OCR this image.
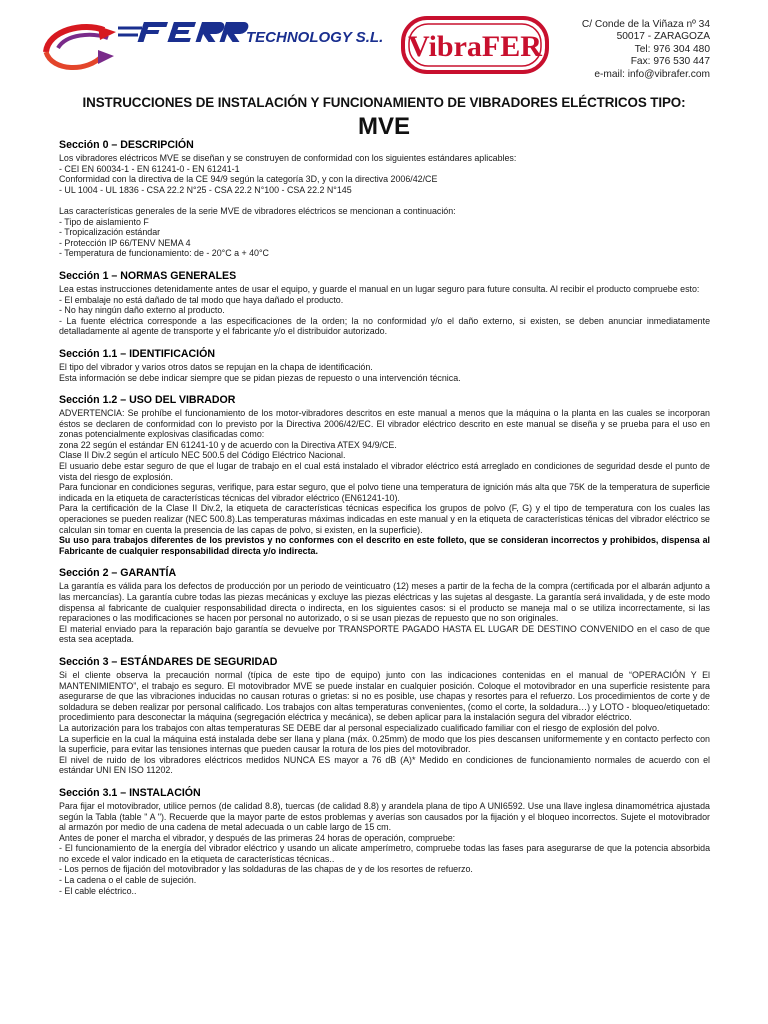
TECHNOLOGY S.L. VibraFER
C/ Conde de la Viñaza nº 34
50017 - ZARAGOZA
Tel: 976 304 480
Fax: 976 530 447
e-mail: info@vibrafer.com
INSTRUCCIONES DE INSTALACIÓN Y FUNCIONAMIENTO DE VIBRADORES ELÉCTRICOS TIPO:
MVE
Sección 0 – DESCRIPCIÓN
Los vibradores eléctricos MVE se diseñan y se construyen de conformidad con los siguientes estándares aplicables:
- CEI EN 60034-1 - EN 61241-0 - EN 61241-1
Conformidad con la directiva de la CE 94/9 según la categoría 3D, y con la directiva 2006/42/CE
- UL 1004 - UL 1836 - CSA 22.2 N°25 - CSA 22.2 N°100 - CSA 22.2 N°145
Las características generales de la serie MVE de vibradores eléctricos se mencionan a continuación:
- Tipo de aislamiento F
- Tropicalización estándar
- Protección IP 66/TENV NEMA 4
- Temperatura de funcionamiento: de - 20°C a + 40°C
Sección 1 – NORMAS GENERALES

Lea estas instrucciones detenidamente antes de usar el equipo, y guarde el manual en un lugar seguro para future consulta. Al recibir el producto compruebe esto:

- El embalaje no está dañado de tal modo que haya dañado el producto.
- No hay ningún daño externo al producto.

- La fuente eléctrica corresponde a las especificaciones de la orden; la no conformidad y/o el daño externo, si existen, se deben anunciar inmediatamente detalladamente al agente de transporte y el fabricante y/o el distribuidor autorizado.

Sección 1.1 – IDENTIFICACIÓN
El tipo del vibrador y varios otros datos se repujan en la chapa de identificación.
Esta información se debe indicar siempre que se pidan piezas de repuesto o una intervención técnica.
Sección 1.2 – USO DEL VIBRADOR

ADVERTENCIA: Se prohíbe el funcionamiento de los motor-vibradores descritos en este manual a menos que la máquina o la planta en las cuales se incorporan éstos se declaren de conformidad con lo previsto por la Directiva 2006/42/EC. El vibrador eléctrico descrito en este manual se diseña y se prueba para el uso en zonas potencialmente explosivas clasificadas como:

zona 22 según el estándar EN 61241-10 y de acuerdo con la Directiva ATEX 94/9/CE.
Clase II Div.2 según el artículo NEC 500.5 del Código Eléctrico Nacional.

El usuario debe estar seguro de que el lugar de trabajo en el cual está instalado el vibrador eléctrico está arreglado en condiciones de seguridad desde el punto de vista del riesgo de explosión.

Para funcionar en condiciones seguras, verifique, para estar seguro, que el polvo tiene una temperatura de ignición más alta que 75K de la temperatura de superficie indicada en la etiqueta de características técnicas del vibrador eléctrico (EN61241-10).

Para la certificación de la Clase II Div.2, la etiqueta de características técnicas especifica los grupos de polvo (F, G) y el tipo de temperatura con los cuales las operaciones se pueden realizar (NEC 500.8).Las temperaturas máximas indicadas en este manual y en la etiqueta de características ténicas del vibrador eléctrico se calculan sin tomar en cuenta la presencia de las capas de polvo, si existen, en la superficie).

Su uso para trabajos diferentes de los previstos y no conformes con el descrito en este folleto, que se consideran incorrectos y prohibidos, dispensa al Fabricante de cualquier responsabilidad directa y/o indirecta.

Sección 2 – GARANTÍA

La garantía es válida para los defectos de producción por un periodo de veinticuatro (12) meses a partir de la fecha de la compra (certificada por el albarán adjunto a las mercancías). La garantía cubre todas las piezas mecánicas y excluye las piezas eléctricas y las sujetas al desgaste. La garantía será invalidada, y de este modo dispensa al fabricante de cualquier responsabilidad directa o indirecta, en los siguientes casos: si el producto se maneja mal o se utiliza incorrectamente, si las reparaciones o las modificaciones se hacen por personal no autorizado, o si se usan piezas de repuesto que no son originales.

El material enviado para la reparación bajo garantía se devuelve por TRANSPORTE PAGADO HASTA EL LUGAR DE DESTINO CONVENIDO en el caso de que esta sea aceptada.

Sección 3 – ESTÁNDARES DE SEGURIDAD

Si el cliente observa la precaución normal (típica de este tipo de equipo) junto con las indicaciones contenidas en el manual de “OPERACIÓN Y El MANTENIMIENTO”, el trabajo es seguro. El motovibrador MVE se puede instalar en cualquier posición. Coloque el motovibrador en una superficie resistente para asegurarse de que las vibraciones inducidas no causan roturas o grietas: si no es posible, use chapas y resortes para el refuerzo. Los procedimientos de corte y de soldadura se deben realizar por personal calificado. Los trabajos con altas temperaturas convenientes, (como el corte, la soldadura…) y LOTO - bloqueo/etiquetado: procedimiento para desconectar la máquina (segregación eléctrica y mecánica), se deben aplicar para la instalación segura del vibrador eléctrico.

La autorización para los trabajos con altas temperaturas SE DEBE dar al personal especializado cualificado familiar con el riesgo de explosión del polvo.

La superficie en la cual la máquina está instalada debe ser llana y plana (máx. 0.25mm) de modo que los pies descansen uniformemente y en contacto perfecto con la superficie, para evitar las tensiones internas que pueden causar la rotura de los pies del motovibrador.

El nivel de ruido de los vibradores eléctricos medidos NUNCA ES mayor a 76 dB (A)* Medido en condiciones de funcionamiento normales de acuerdo con el estándar UNI EN ISO 11202.

Sección 3.1 – INSTALACIÓN

Para fijar el motovibrador, utilice pernos (de calidad 8.8), tuercas (de calidad 8.8) y arandela plana de tipo A UNI6592. Use una llave inglesa dinamométrica ajustada según la Tabla (table " A "). Recuerde que la mayor parte de estos problemas y averías son causados por la fijación y el bloqueo incorrectos. Sujete el motovibrador al armazón por medio de una cadena de metal adecuada o un cable largo de 15 cm.

Antes de poner el marcha el vibrador, y después de las primeras 24 horas de operación, compruebe:

- El funcionamiento de la energía del vibrador eléctrico y usando un alicate amperímetro, compruebe todas las fases para asegurarse de que la potencia absorbida no excede el valor indicado en la etiqueta de características técnicas..

- Los pernos de fijación del motovibrador y las soldaduras de las chapas de y de los resortes de refuerzo.
- La cadena o el cable de sujeción.
- El cable eléctrico..
